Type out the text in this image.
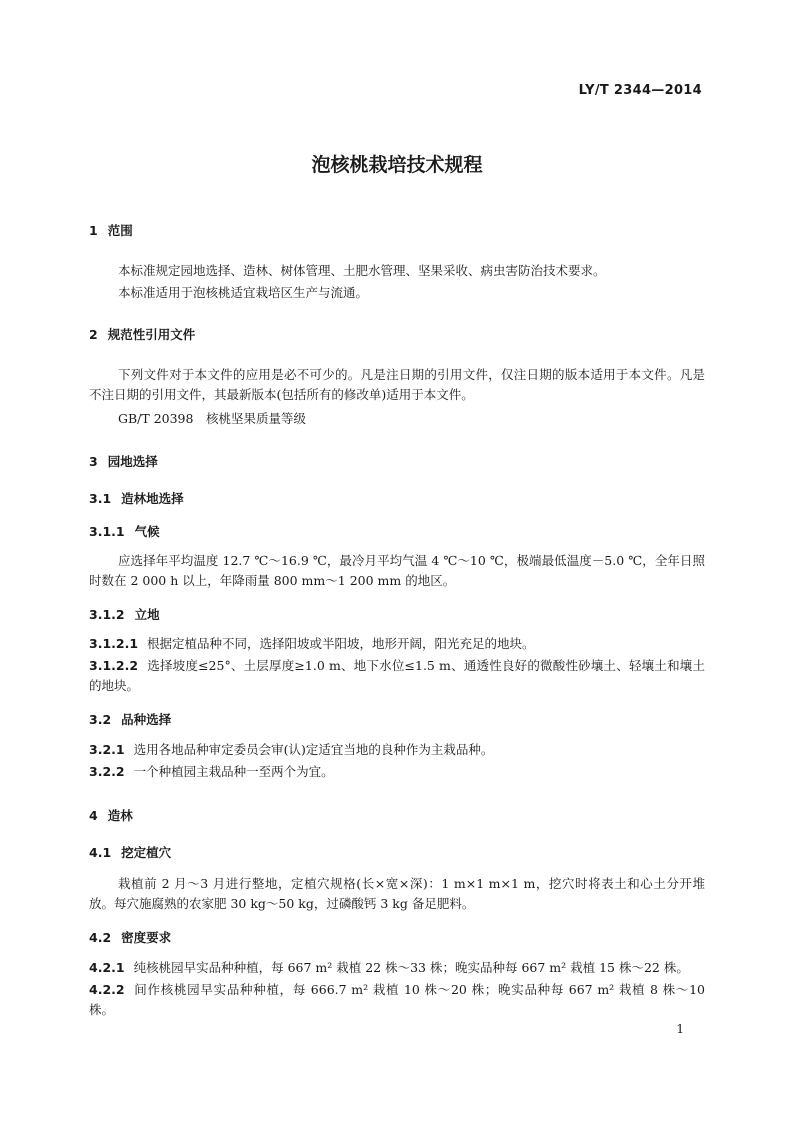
LY/T 2344—2014
泡核桃栽培技术规程
1 范围
本标准规定园地选择、造林、树体管理、土肥水管理、坚果采收、病虫害防治技术要求。
本标准适用于泡核桃适宜栽培区生产与流通。
2 规范性引用文件
下列文件对于本文件的应用是必不可少的。凡是注日期的引用文件，仅注日期的版本适用于本文件。凡是不注日期的引用文件，其最新版本(包括所有的修改单)适用于本文件。
GB/T 20398　核桃坚果质量等级
3 园地选择
3.1 造林地选择
3.1.1 气候
应选择年平均温度 12.7 ℃～16.9 ℃，最冷月平均气温 4 ℃～10 ℃，极端最低温度－5.0 ℃，全年日照时数在 2 000 h 以上，年降雨量 800 mm～1 200 mm 的地区。
3.1.2 立地
3.1.2.1 根据定植品种不同，选择阳坡或半阳坡，地形开阔，阳光充足的地块。
3.1.2.2 选择坡度≤25°、土层厚度≥1.0 m、地下水位≤1.5 m、通透性良好的微酸性砂壤土、轻壤土和壤土的地块。
3.2 品种选择
3.2.1 选用各地品种审定委员会审(认)定适宜当地的良种作为主栽品种。
3.2.2 一个种植园主栽品种一至两个为宜。
4 造林
4.1 挖定植穴
栽植前 2 月～3 月进行整地，定植穴规格(长×宽×深)：1 m×1 m×1 m，挖穴时将表土和心土分开堆放。每穴施腐熟的农家肥 30 kg～50 kg，过磷酸钙 3 kg 备足肥料。
4.2 密度要求
4.2.1 纯核桃园早实品种种植，每 667 m² 栽植 22 株～33 株；晚实品种每 667 m² 栽植 15 株～22 株。
4.2.2 间作核桃园早实品种种植，每 666.7 m² 栽植 10 株～20 株；晚实品种每 667 m² 栽植 8 株～10 株。
1
